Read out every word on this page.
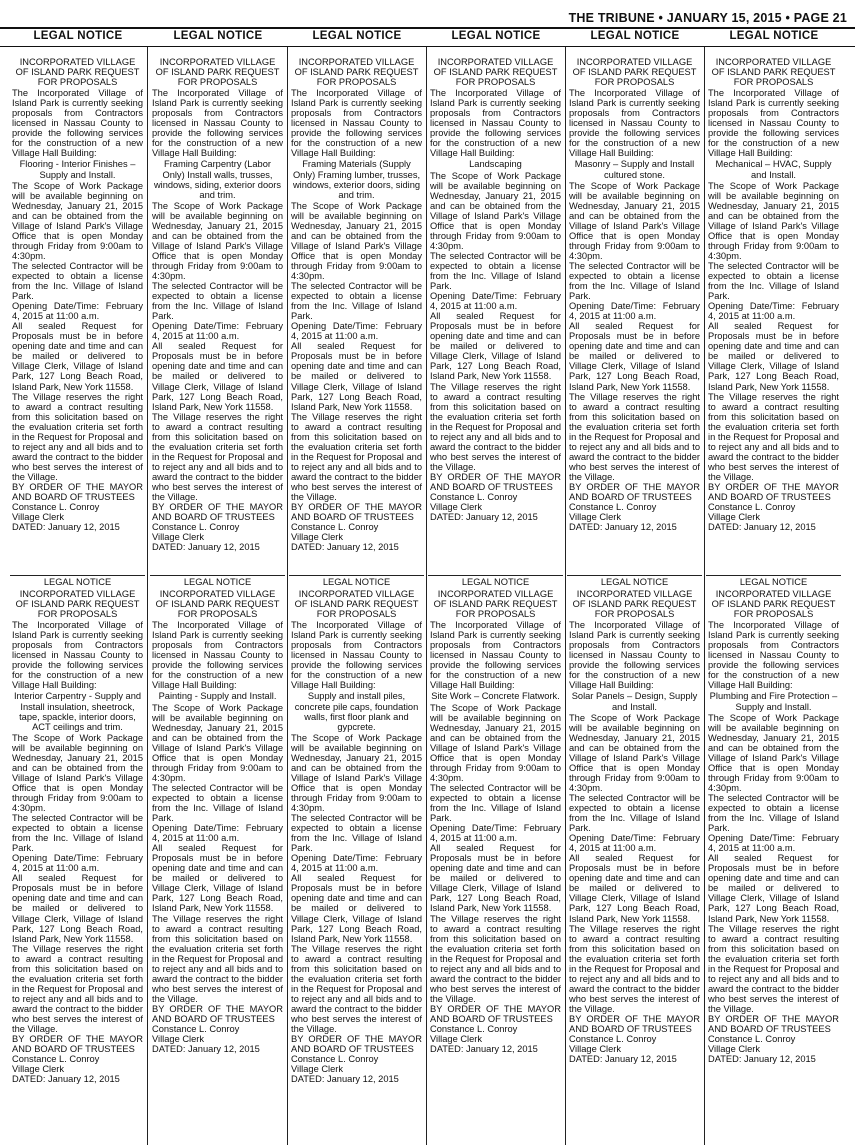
THE TRIBUNE • JANUARY 15, 2015 • PAGE 21
LEGAL NOTICE	LEGAL NOTICE	LEGAL NOTICE	LEGAL NOTICE	LEGAL NOTICE	LEGAL NOTICE
INCORPORATED VILLAGE OF ISLAND PARK REQUEST FOR PROPOSALS

The Incorporated Village of Island Park is currently seeking proposals from Contractors licensed in Nassau County to provide the following services for the construction of a new Village Hall Building:

Flooring - Interior Finishes – Supply and Install.

The Scope of Work Package will be available beginning on Wednesday, January 21, 2015 and can be obtained from the Village of Island Park's Village Office that is open Monday through Friday from 9:00am to 4:30pm.

The selected Contractor will be expected to obtain a license from the Inc. Village of Island Park.

Opening Date/Time: February 4, 2015 at 11:00 a.m.

All sealed Request for Proposals must be in before opening date and time and can be mailed or delivered to Village Clerk, Village of Island Park, 127 Long Beach Road, Island Park, New York 11558.

The Village reserves the right to award a contract resulting from this solicitation based on the evaluation criteria set forth in the Request for Proposal and to reject any and all bids and to award the contract to the bidder who best serves the interest of the Village.

BY ORDER OF THE MAYOR AND BOARD OF TRUSTEES

Constance L. Conroy

Village Clerk

DATED: January 12, 2015

INCORPORATED VILLAGE OF ISLAND PARK REQUEST FOR PROPOSALS

The Incorporated Village of Island Park is currently seeking proposals from Contractors licensed in Nassau County to provide the following services for the construction of a new Village Hall Building:

Framing Carpentry (Labor Only) Install walls, trusses, windows, siding, exterior doors and trim.

The Scope of Work Package will be available beginning on Wednesday, January 21, 2015 and can be obtained from the Village of Island Park's Village Office that is open Monday through Friday from 9:00am to 4:30pm.

The selected Contractor will be expected to obtain a license from the Inc. Village of Island Park.

Opening Date/Time: February 4, 2015 at 11:00 a.m.

All sealed Request for Proposals must be in before opening date and time and can be mailed or delivered to Village Clerk, Village of Island Park, 127 Long Beach Road, Island Park, New York 11558.

The Village reserves the right to award a contract resulting from this solicitation based on the evaluation criteria set forth in the Request for Proposal and to reject any and all bids and to award the contract to the bidder who best serves the interest of the Village.

BY ORDER OF THE MAYOR AND BOARD OF TRUSTEES

Constance L. Conroy

Village Clerk

DATED: January 12, 2015

INCORPORATED VILLAGE OF ISLAND PARK REQUEST FOR PROPOSALS

The Incorporated Village of Island Park is currently seeking proposals from Contractors licensed in Nassau County to provide the following services for the construction of a new Village Hall Building:

Framing Materials (Supply Only) Framing lumber, trusses, windows, exterior doors, siding and trim.

The Scope of Work Package will be available beginning on Wednesday, January 21, 2015 and can be obtained from the Village of Island Park's Village Office that is open Monday through Friday from 9:00am to 4:30pm.

The selected Contractor will be expected to obtain a license from the Inc. Village of Island Park.

Opening Date/Time: February 4, 2015 at 11:00 a.m.

All sealed Request for Proposals must be in before opening date and time and can be mailed or delivered to Village Clerk, Village of Island Park, 127 Long Beach Road, Island Park, New York 11558.

The Village reserves the right to award a contract resulting from this solicitation based on the evaluation criteria set forth in the Request for Proposal and to reject any and all bids and to award the contract to the bidder who best serves the interest of the Village.

BY ORDER OF THE MAYOR AND BOARD OF TRUSTEES

Constance L. Conroy

Village Clerk

DATED: January 12, 2015

INCORPORATED VILLAGE OF ISLAND PARK REQUEST FOR PROPOSALS

The Incorporated Village of Island Park is currently seeking proposals from Contractors licensed in Nassau County to provide the following services for the construction of a new Village Hall Building:

Landscaping

The Scope of Work Package will be available beginning on Wednesday, January 21, 2015 and can be obtained from the Village of Island Park's Village Office that is open Monday through Friday from 9:00am to 4:30pm.

The selected Contractor will be expected to obtain a license from the Inc. Village of Island Park.

Opening Date/Time: February 4, 2015 at 11:00 a.m.

All sealed Request for Proposals must be in before opening date and time and can be mailed or delivered to Village Clerk, Village of Island Park, 127 Long Beach Road, Island Park, New York 11558.

The Village reserves the right to award a contract resulting from this solicitation based on the evaluation criteria set forth in the Request for Proposal and to reject any and all bids and to award the contract to the bidder who best serves the interest of the Village.

BY ORDER OF THE MAYOR AND BOARD OF TRUSTEES

Constance L. Conroy

Village Clerk

DATED: January 12, 2015

INCORPORATED VILLAGE OF ISLAND PARK REQUEST FOR PROPOSALS

The Incorporated Village of Island Park is currently seeking proposals from Contractors licensed in Nassau County to provide the following services for the construction of a new Village Hall Building:

Masonry – Supply and Install cultured stone.

The Scope of Work Package will be available beginning on Wednesday, January 21, 2015 and can be obtained from the Village of Island Park's Village Office that is open Monday through Friday from 9:00am to 4:30pm.

The selected Contractor will be expected to obtain a license from the Inc. Village of Island Park.

Opening Date/Time: February 4, 2015 at 11:00 a.m.

All sealed Request for Proposals must be in before opening date and time and can be mailed or delivered to Village Clerk, Village of Island Park, 127 Long Beach Road, Island Park, New York 11558.

The Village reserves the right to award a contract resulting from this solicitation based on the evaluation criteria set forth in the Request for Proposal and to reject any and all bids and to award the contract to the bidder who best serves the interest of the Village.

BY ORDER OF THE MAYOR AND BOARD OF TRUSTEES

Constance L. Conroy

Village Clerk

DATED: January 12, 2015

INCORPORATED VILLAGE OF ISLAND PARK REQUEST FOR PROPOSALS

The Incorporated Village of Island Park is currently seeking proposals from Contractors licensed in Nassau County to provide the following services for the construction of a new Village Hall Building:

Mechanical – HVAC, Supply and Install.

The Scope of Work Package will be available beginning on Wednesday, January 21, 2015 and can be obtained from the Village of Island Park's Village Office that is open Monday through Friday from 9:00am to 4:30pm.

The selected Contractor will be expected to obtain a license from the Inc. Village of Island Park.

Opening Date/Time: February 4, 2015 at 11:00 a.m.

All sealed Request for Proposals must be in before opening date and time and can be mailed or delivered to Village Clerk, Village of Island Park, 127 Long Beach Road, Island Park, New York 11558.

The Village reserves the right to award a contract resulting from this solicitation based on the evaluation criteria set forth in the Request for Proposal and to reject any and all bids and to award the contract to the bidder who best serves the interest of the Village.

BY ORDER OF THE MAYOR AND BOARD OF TRUSTEES

Constance L. Conroy

Village Clerk

DATED: January 12, 2015

LEGAL NOTICE
INCORPORATED VILLAGE OF ISLAND PARK REQUEST FOR PROPOSALS

The Incorporated Village of Island Park is currently seeking proposals from Contractors licensed in Nassau County to provide the following services for the construction of a new Village Hall Building:

Interior Carpentry - Supply and Install insulation, sheetrock, tape, spackle, interior doors, ACT ceilings and trim.

The Scope of Work Package will be available beginning on Wednesday, January 21, 2015 and can be obtained from the Village of Island Park's Village Office that is open Monday through Friday from 9:00am to 4:30pm.

The selected Contractor will be expected to obtain a license from the Inc. Village of Island Park.

Opening Date/Time: February 4, 2015 at 11:00 a.m.

All sealed Request for Proposals must be in before opening date and time and can be mailed or delivered to Village Clerk, Village of Island Park, 127 Long Beach Road, Island Park, New York 11558.

The Village reserves the right to award a contract resulting from this solicitation based on the evaluation criteria set forth in the Request for Proposal and to reject any and all bids and to award the contract to the bidder who best serves the interest of the Village.

BY ORDER OF THE MAYOR AND BOARD OF TRUSTEES

Constance L. Conroy

Village Clerk

DATED: January 12, 2015

LEGAL NOTICE
INCORPORATED VILLAGE OF ISLAND PARK REQUEST FOR PROPOSALS

The Incorporated Village of Island Park is currently seeking proposals from Contractors licensed in Nassau County to provide the following services for the construction of a new Village Hall Building:

Painting - Supply and Install.

The Scope of Work Package will be available beginning on Wednesday, January 21, 2015 and can be obtained from the Village of Island Park's Village Office that is open Monday through Friday from 9:00am to 4:30pm.

The selected Contractor will be expected to obtain a license from the Inc. Village of Island Park.

Opening Date/Time: February 4, 2015 at 11:00 a.m.

All sealed Request for Proposals must be in before opening date and time and can be mailed or delivered to Village Clerk, Village of Island Park, 127 Long Beach Road, Island Park, New York 11558.

The Village reserves the right to award a contract resulting from this solicitation based on the evaluation criteria set forth in the Request for Proposal and to reject any and all bids and to award the contract to the bidder who best serves the interest of the Village.

BY ORDER OF THE MAYOR AND BOARD OF TRUSTEES

Constance L. Conroy

Village Clerk

DATED: January 12, 2015

LEGAL NOTICE
INCORPORATED VILLAGE OF ISLAND PARK REQUEST FOR PROPOSALS

The Incorporated Village of Island Park is currently seeking proposals from Contractors licensed in Nassau County to provide the following services for the construction of a new Village Hall Building:

Supply and install piles, concrete pile caps, foundation walls, first floor plank and gypcrete.

The Scope of Work Package will be available beginning on Wednesday, January 21, 2015 and can be obtained from the Village of Island Park's Village Office that is open Monday through Friday from 9:00am to 4:30pm.

The selected Contractor will be expected to obtain a license from the Inc. Village of Island Park.

Opening Date/Time: February 4, 2015 at 11:00 a.m.

All sealed Request for Proposals must be in before opening date and time and can be mailed or delivered to Village Clerk, Village of Island Park, 127 Long Beach Road, Island Park, New York 11558.

The Village reserves the right to award a contract resulting from this solicitation based on the evaluation criteria set forth in the Request for Proposal and to reject any and all bids and to award the contract to the bidder who best serves the interest of the Village.

BY ORDER OF THE MAYOR AND BOARD OF TRUSTEES

Constance L. Conroy

Village Clerk

DATED: January 12, 2015

LEGAL NOTICE
INCORPORATED VILLAGE OF ISLAND PARK REQUEST FOR PROPOSALS

The Incorporated Village of Island Park is currently seeking proposals from Contractors licensed in Nassau County to provide the following services for the construction of a new Village Hall Building:

Site Work – Concrete Flatwork.

The Scope of Work Package will be available beginning on Wednesday, January 21, 2015 and can be obtained from the Village of Island Park's Village Office that is open Monday through Friday from 9:00am to 4:30pm.

The selected Contractor will be expected to obtain a license from the Inc. Village of Island Park.

Opening Date/Time: February 4, 2015 at 11:00 a.m.

All sealed Request for Proposals must be in before opening date and time and can be mailed or delivered to Village Clerk, Village of Island Park, 127 Long Beach Road, Island Park, New York 11558.

The Village reserves the right to award a contract resulting from this solicitation based on the evaluation criteria set forth in the Request for Proposal and to reject any and all bids and to award the contract to the bidder who best serves the interest of the Village.

BY ORDER OF THE MAYOR AND BOARD OF TRUSTEES

Constance L. Conroy

Village Clerk

DATED: January 12, 2015

LEGAL NOTICE
INCORPORATED VILLAGE OF ISLAND PARK REQUEST FOR PROPOSALS

The Incorporated Village of Island Park is currently seeking proposals from Contractors licensed in Nassau County to provide the following services for the construction of a new Village Hall Building:

Solar Panels – Design, Supply and Install.

The Scope of Work Package will be available beginning on Wednesday, January 21, 2015 and can be obtained from the Village of Island Park's Village Office that is open Monday through Friday from 9:00am to 4:30pm.

The selected Contractor will be expected to obtain a license from the Inc. Village of Island Park.

Opening Date/Time: February 4, 2015 at 11:00 a.m.

All sealed Request for Proposals must be in before opening date and time and can be mailed or delivered to Village Clerk, Village of Island Park, 127 Long Beach Road, Island Park, New York 11558.

The Village reserves the right to award a contract resulting from this solicitation based on the evaluation criteria set forth in the Request for Proposal and to reject any and all bids and to award the contract to the bidder who best serves the interest of the Village.

BY ORDER OF THE MAYOR AND BOARD OF TRUSTEES

Constance L. Conroy

Village Clerk

DATED: January 12, 2015

LEGAL NOTICE
INCORPORATED VILLAGE OF ISLAND PARK REQUEST FOR PROPOSALS

The Incorporated Village of Island Park is currently seeking proposals from Contractors licensed in Nassau County to provide the following services for the construction of a new Village Hall Building:

Plumbing and Fire Protection – Supply and Install.

The Scope of Work Package will be available beginning on Wednesday, January 21, 2015 and can be obtained from the Village of Island Park's Village Office that is open Monday through Friday from 9:00am to 4:30pm.

The selected Contractor will be expected to obtain a license from the Inc. Village of Island Park.

Opening Date/Time: February 4, 2015 at 11:00 a.m.

All sealed Request for Proposals must be in before opening date and time and can be mailed or delivered to Village Clerk, Village of Island Park, 127 Long Beach Road, Island Park, New York 11558.

The Village reserves the right to award a contract resulting from this solicitation based on the evaluation criteria set forth in the Request for Proposal and to reject any and all bids and to award the contract to the bidder who best serves the interest of the Village.

BY ORDER OF THE MAYOR AND BOARD OF TRUSTEES

Constance L. Conroy

Village Clerk

DATED: January 12, 2015
